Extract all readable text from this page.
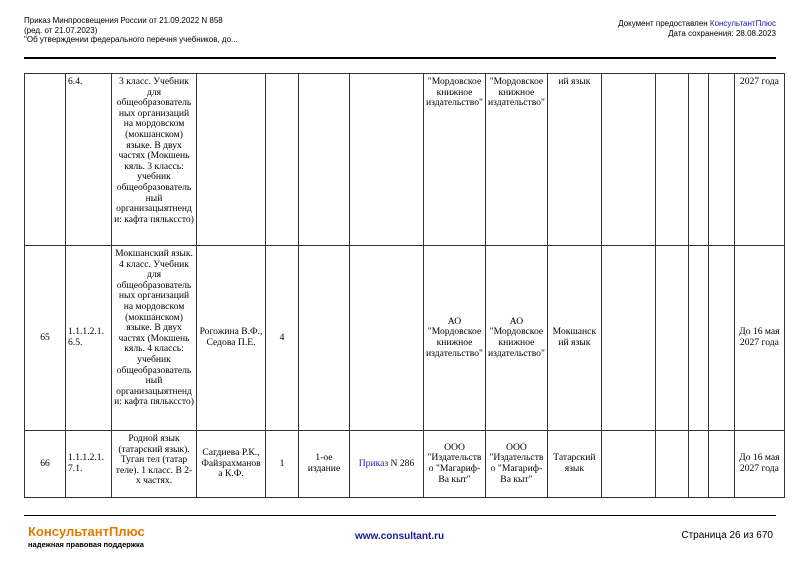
Приказ Минпросвещения России от 21.09.2022 N 858
(ред. от 21.07.2023)
"Об утверждении федерального перечня учебников, до...
Документ предоставлен КонсультантПлюс
Дата сохранения: 28.08.2023
	6.4.	3 класс. Учебник для общеобразователь ных организаций на мордовском (мокшанском) языке. В двух частях (Мокшень кяль. 3 классь: учебник общеобразователь ный организацыятненд и: кафта пялькссто)					"Мордовское книжное издательство"	"Мордовское книжное издательство"	ий язык					2027 года
65	1.1.1.2.1. 6.5.	Мокшанский язык. 4 класс. Учебник для общеобразователь ных организаций на мордовском (мокшанском) языке. В двух частях (Мокшень кяль. 4 классь: учебник общеобразователь ный организацыятненд и: кафта пялькссто)	Рогожина В.Ф., Седова П.Е.	4			АО "Мордовское книжное издательство"	АО "Мордовское книжное издательство"	Мокшанск ий язык					До 16 мая 2027 года
66	1.1.1.2.1. 7.1.	Родной язык (татарский язык). Туган тел (татар теле). 1 класс. В 2-х частях.	Сагдиева Р.К., Файзрахманов а К.Ф.	1	1-ое издание	Приказ N 286	ООО "Издательств о "Магариф-Ва кыт"	ООО "Издательств о "Магариф-Ва кыт"	Татарский язык					До 16 мая 2027 года
КонсультантПлюс
надежная правовая поддержка
www.consultant.ru	Страница 26 из 670
